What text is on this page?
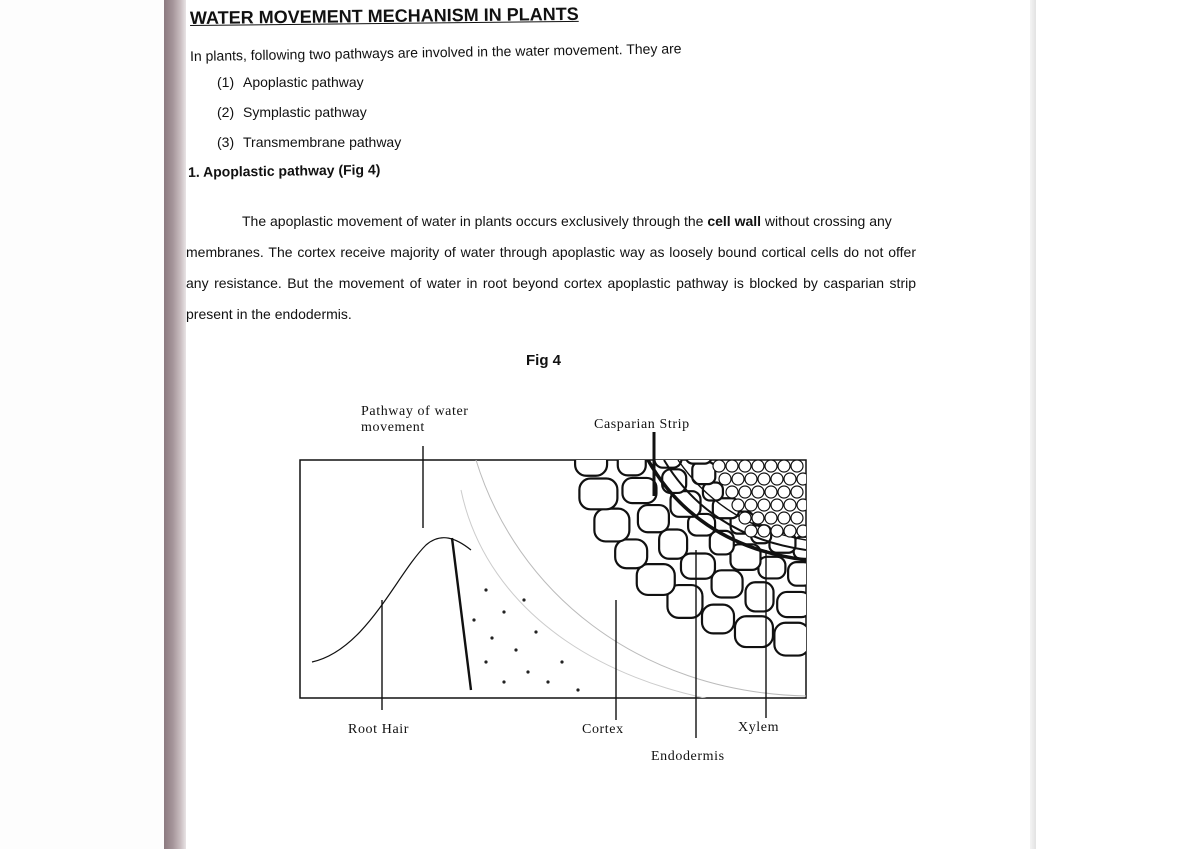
WATER MOVEMENT MECHANISM IN PLANTS
In plants, following two pathways are involved in the water movement. They are
(1) Apoplastic pathway
(2) Symplastic pathway
(3) Transmembrane pathway
1. Apoplastic pathway (Fig 4)
The apoplastic movement of water in plants occurs exclusively through the cell wall without crossing any
membranes. The cortex receive majority of water through apoplastic way as loosely bound cortical cells do not offer
any resistance. But the movement of water in root beyond cortex apoplastic pathway is blocked by casparian strip
present in the endodermis.
Fig 4
Pathway of water movement	Casparian Strip
Root Hair	Cortex	Xylem
Endodermis
